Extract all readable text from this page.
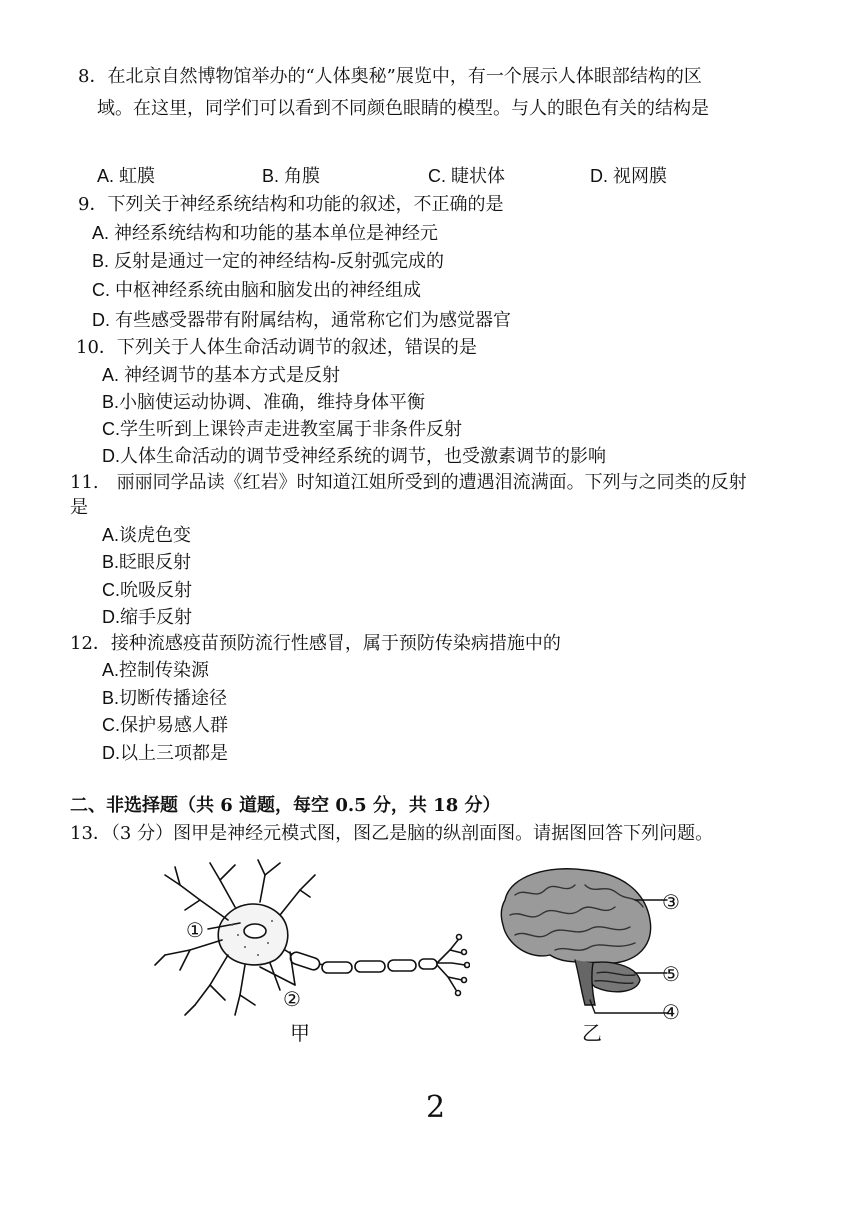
8．在北京自然博物馆举办的“人体奥秘”展览中，有一个展示人体眼部结构的区
域。在这里，同学们可以看到不同颜色眼睛的模型。与人的眼色有关的结构是
A. 虹膜	B. 角膜	C. 睫状体	D. 视网膜
9．下列关于神经系统结构和功能的叙述，不正确的是
A. 神经系统结构和功能的基本单位是神经元
B. 反射是通过一定的神经结构-反射弧完成的
C. 中枢神经系统由脑和脑发出的神经组成
D. 有些感受器带有附属结构，通常称它们为感觉器官
10．下列关于人体生命活动调节的叙述，错误的是
A. 神经调节的基本方式是反射
B.小脑使运动协调、准确，维持身体平衡
C.学生听到上课铃声走进教室属于非条件反射
D.人体生命活动的调节受神经系统的调节，也受激素调节的影响
11.　丽丽同学品读《红岩》时知道江姐所受到的遭遇泪流满面。下列与之同类的反射
是
A.谈虎色变
B.眨眼反射
C.吮吸反射
D.缩手反射
12．接种流感疫苗预防流行性感冒，属于预防传染病措施中的
A.控制传染源
B.切断传播途径
C.保护易感人群
D.以上三项都是
二、非选择题（共 6 道题，每空 0.5 分，共 18 分）
13．（3 分）图甲是神经元模式图，图乙是脑的纵剖面图。请据图回答下列问题。
①
②
甲
③
⑤
④
乙
2
